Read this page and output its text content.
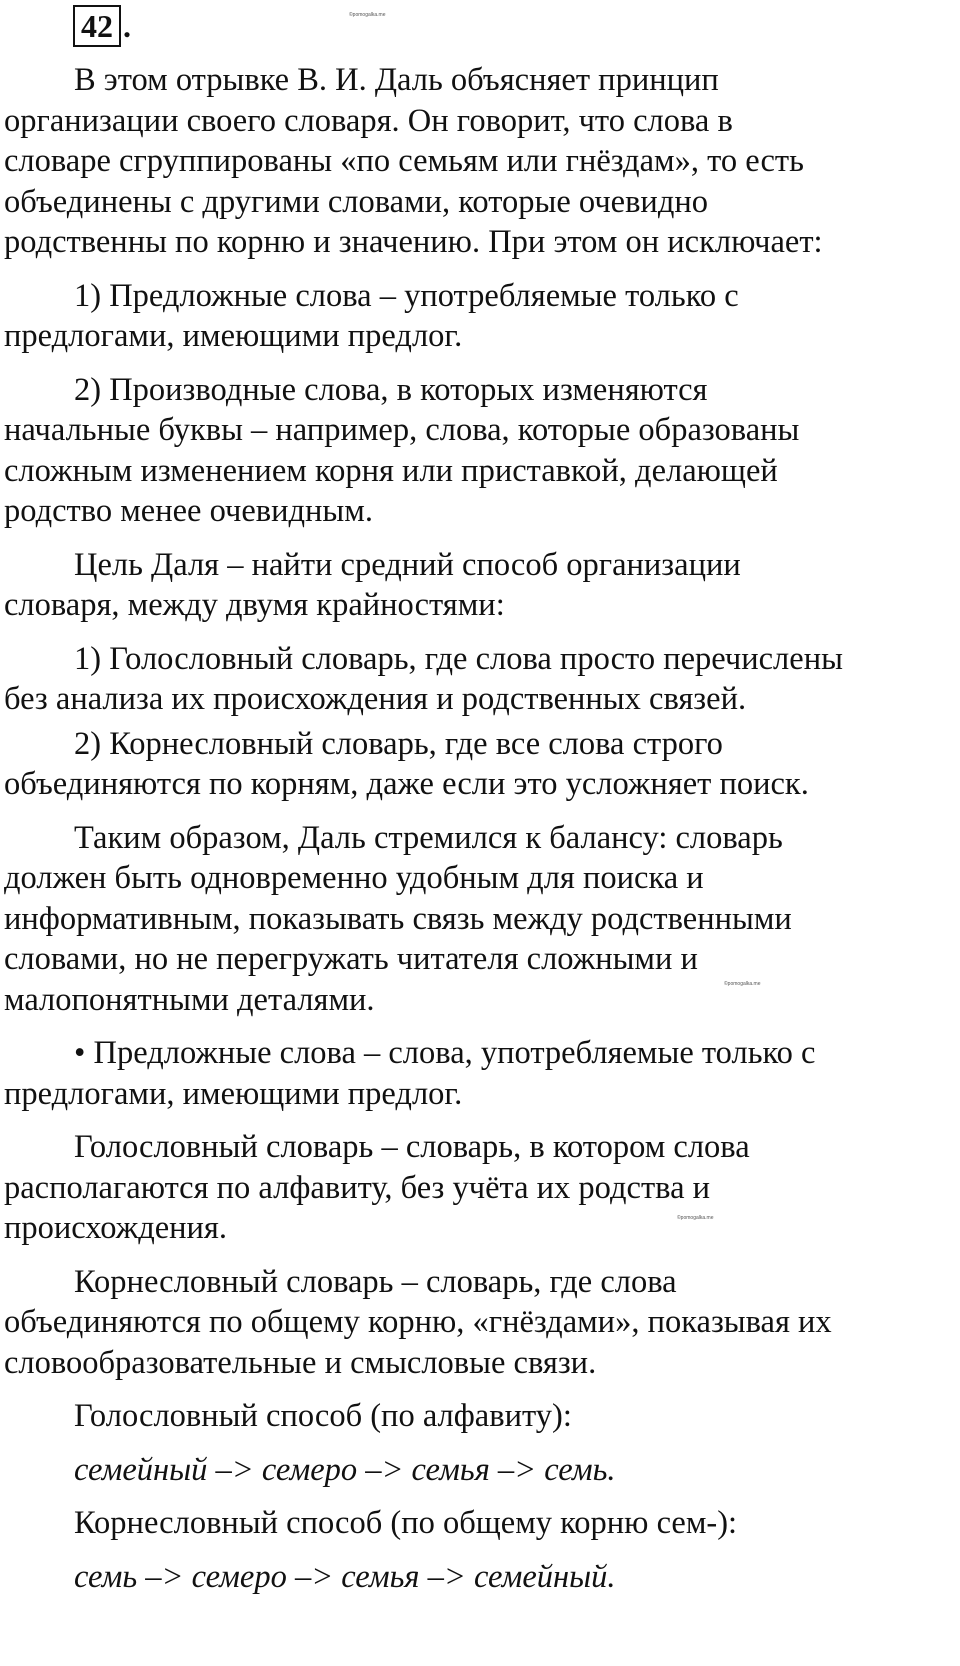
42 .	©pomogalka.me
©pomogalka.me
©pomogalka.me

В этом отрывке В. И. Даль объясняет принцип
организации своего словаря. Он говорит, что слова в
словаре сгруппированы «по семьям или гнёздам», то есть
объединены с другими словами, которые очевидно
родственны по корню и значению. При этом он исключает:

1) Предложные слова – употребляемые только с
предлогами, имеющими предлог.

2) Производные слова, в которых изменяются
начальные буквы – например, слова, которые образованы
сложным изменением корня или приставкой, делающей
родство менее очевидным.

Цель Даля – найти средний способ организации
словаря, между двумя крайностями:

1) Голословный словарь, где слова просто перечислены
без анализа их происхождения и родственных связей.

2) Корнесловный словарь, где все слова строго
объединяются по корням, даже если это усложняет поиск.

Таким образом, Даль стремился к балансу: словарь
должен быть одновременно удобным для поиска и
информативным, показывать связь между родственными
словами, но не перегружать читателя сложными и
малопонятными деталями.

• Предложные слова – слова, употребляемые только с
предлогами, имеющими предлог.

Голословный словарь – словарь, в котором слова
располагаются по алфавиту, без учёта их родства и
происхождения.

Корнесловный словарь – словарь, где слова
объединяются по общему корню, «гнёздами», показывая их
словообразовательные и смысловые связи.

Голословный способ (по алфавиту):

семейный –> семеро –> семья –> семь.

Корнесловный способ (по общему корню сем-):

семь –> семеро –> семья –> семейный.
